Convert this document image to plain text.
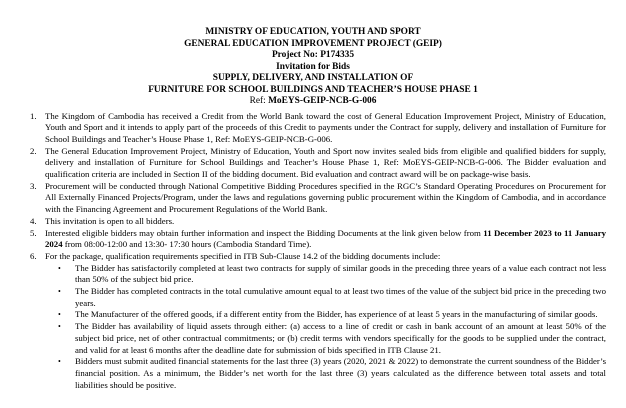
MINISTRY OF EDUCATION, YOUTH AND SPORT
GENERAL EDUCATION IMPROVEMENT PROJECT (GEIP)
Project No: P174335
Invitation for Bids
SUPPLY, DELIVERY, AND INSTALLATION OF
FURNITURE FOR SCHOOL BUILDINGS AND TEACHER’S HOUSE PHASE 1
Ref: MoEYS-GEIP-NCB-G-006
1. The Kingdom of Cambodia has received a Credit from the World Bank toward the cost of General Education Improvement Project, Ministry of Education, Youth and Sport and it intends to apply part of the proceeds of this Credit to payments under the Contract for supply, delivery and installation of Furniture for School Buildings and Teacher’s House Phase 1, Ref: MoEYS-GEIP-NCB-G-006.
2. The General Education Improvement Project, Ministry of Education, Youth and Sport now invites sealed bids from eligible and qualified bidders for supply, delivery and installation of Furniture for School Buildings and Teacher’s House Phase 1, Ref: MoEYS-GEIP-NCB-G-006. The Bidder evaluation and qualification criteria are included in Section II of the bidding document. Bid evaluation and contract award will be on package-wise basis.
3. Procurement will be conducted through National Competitive Bidding Procedures specified in the RGC’s Standard Operating Procedures on Procurement for All Externally Financed Projects/Program, under the laws and regulations governing public procurement within the Kingdom of Cambodia, and in accordance with the Financing Agreement and Procurement Regulations of the World Bank.
4. This invitation is open to all bidders.
5. Interested eligible bidders may obtain further information and inspect the Bidding Documents at the link given below from 11 December 2023 to 11 January 2024 from 08:00-12:00 and 13:30- 17:30 hours (Cambodia Standard Time).
6. For the package, qualification requirements specified in ITB Sub-Clause 14.2 of the bidding documents include:
•	The Bidder has satisfactorily completed at least two contracts for supply of similar goods in the preceding three years of a value each contract not less than 50% of the subject bid price.
•	The Bidder has completed contracts in the total cumulative amount equal to at least two times of the value of the subject bid price in the preceding two years.
•	The Manufacturer of the offered goods, if a different entity from the Bidder, has experience of at least 5 years in the manufacturing of similar goods.
•	The Bidder has availability of liquid assets through either: (a) access to a line of credit or cash in bank account of an amount at least 50% of the subject bid price, net of other contractual commitments; or (b) credit terms with vendors specifically for the goods to be supplied under the contract, and valid for at least 6 months after the deadline date for submission of bids specified in ITB Clause 21.
•	Bidders must submit audited financial statements for the last three (3) years (2020, 2021 & 2022) to demonstrate the current soundness of the Bidder’s financial position. As a minimum, the Bidder’s net worth for the last three (3) years calculated as the difference between total assets and total liabilities should be positive.
